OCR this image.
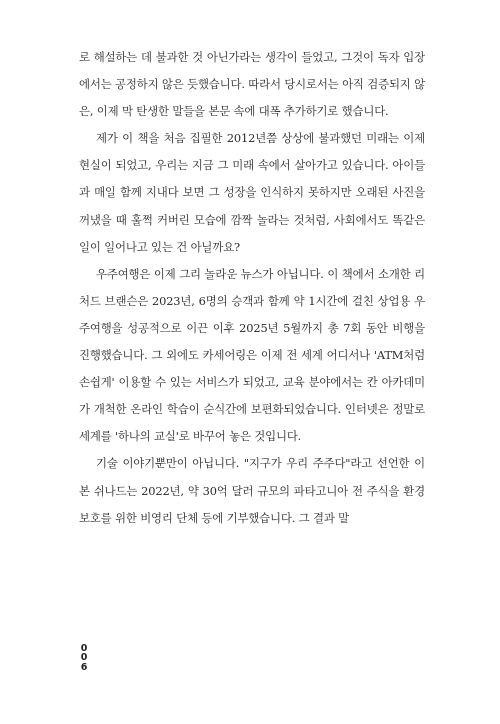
로 해설하는 데 불과한 것 아닌가라는 생각이 들었고, 그것이 독자 입장에서는 공정하지 않은 듯했습니다. 따라서 당시로서는 아직 검증되지 않은, 이제 막 탄생한 말들을 본문 속에 대폭 추가하기로 했습니다.

제가 이 책을 처음 집필한 2012년쯤 상상에 불과했던 미래는 이제 현실이 되었고, 우리는 지금 그 미래 속에서 살아가고 있습니다. 아이들과 매일 함께 지내다 보면 그 성장을 인식하지 못하지만 오래된 사진을 꺼냈을 때 훌쩍 커버린 모습에 깜짝 놀라는 것처럼, 사회에서도 똑같은 일이 일어나고 있는 건 아닐까요?

우주여행은 이제 그리 놀라운 뉴스가 아닙니다. 이 책에서 소개한 리처드 브랜슨은 2023년, 6명의 승객과 함께 약 1시간에 걸친 상업용 우주여행을 성공적으로 이끈 이후 2025년 5월까지 총 7회 동안 비행을 진행했습니다. 그 외에도 카세어링은 이제 전 세계 어디서나 'ATM처럼 손쉽게' 이용할 수 있는 서비스가 되었고, 교육 분야에서는 칸 아카데미가 개척한 온라인 학습이 순식간에 보편화되었습니다. 인터넷은 정말로 세계를 '하나의 교실'로 바꾸어 놓은 것입니다.

기술 이야기뿐만이 아닙니다. "지구가 우리 주주다"라고 선언한 이본 쉬나드는 2022년, 약 30억 달러 규모의 파타고니아 전 주식을 환경 보호를 위한 비영리 단체 등에 기부했습니다. 그 결과 말

0
0
6
